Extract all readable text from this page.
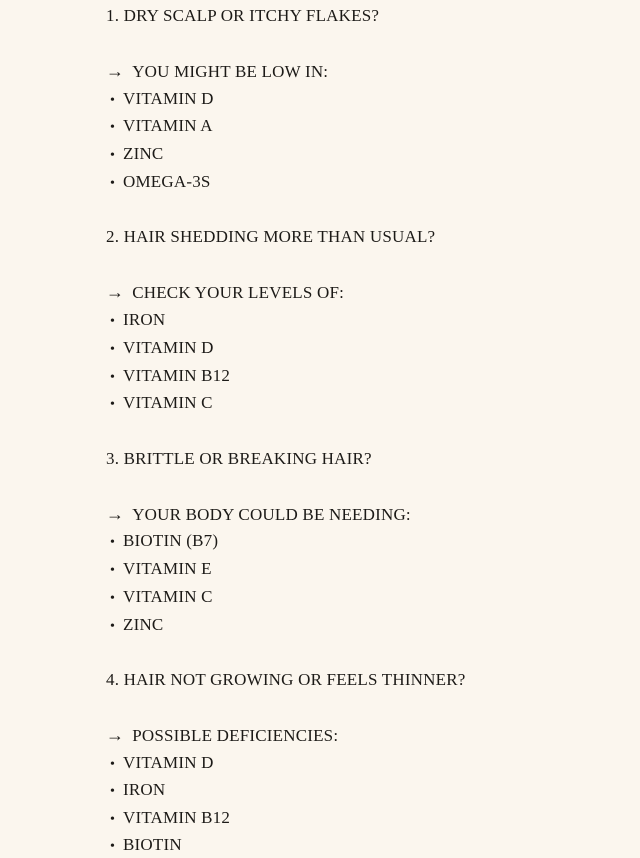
1. DRY SCALP OR ITCHY FLAKES?
→ YOU MIGHT BE LOW IN:
• VITAMIN D
• VITAMIN A
• ZINC
• OMEGA-3S
2. HAIR SHEDDING MORE THAN USUAL?
→ CHECK YOUR LEVELS OF:
• IRON
• VITAMIN D
• VITAMIN B12
• VITAMIN C
3. BRITTLE OR BREAKING HAIR?
→ YOUR BODY COULD BE NEEDING:
• BIOTIN (B7)
• VITAMIN E
• VITAMIN C
• ZINC
4. HAIR NOT GROWING OR FEELS THINNER?
→ POSSIBLE DEFICIENCIES:
• VITAMIN D
• IRON
• VITAMIN B12
• BIOTIN
